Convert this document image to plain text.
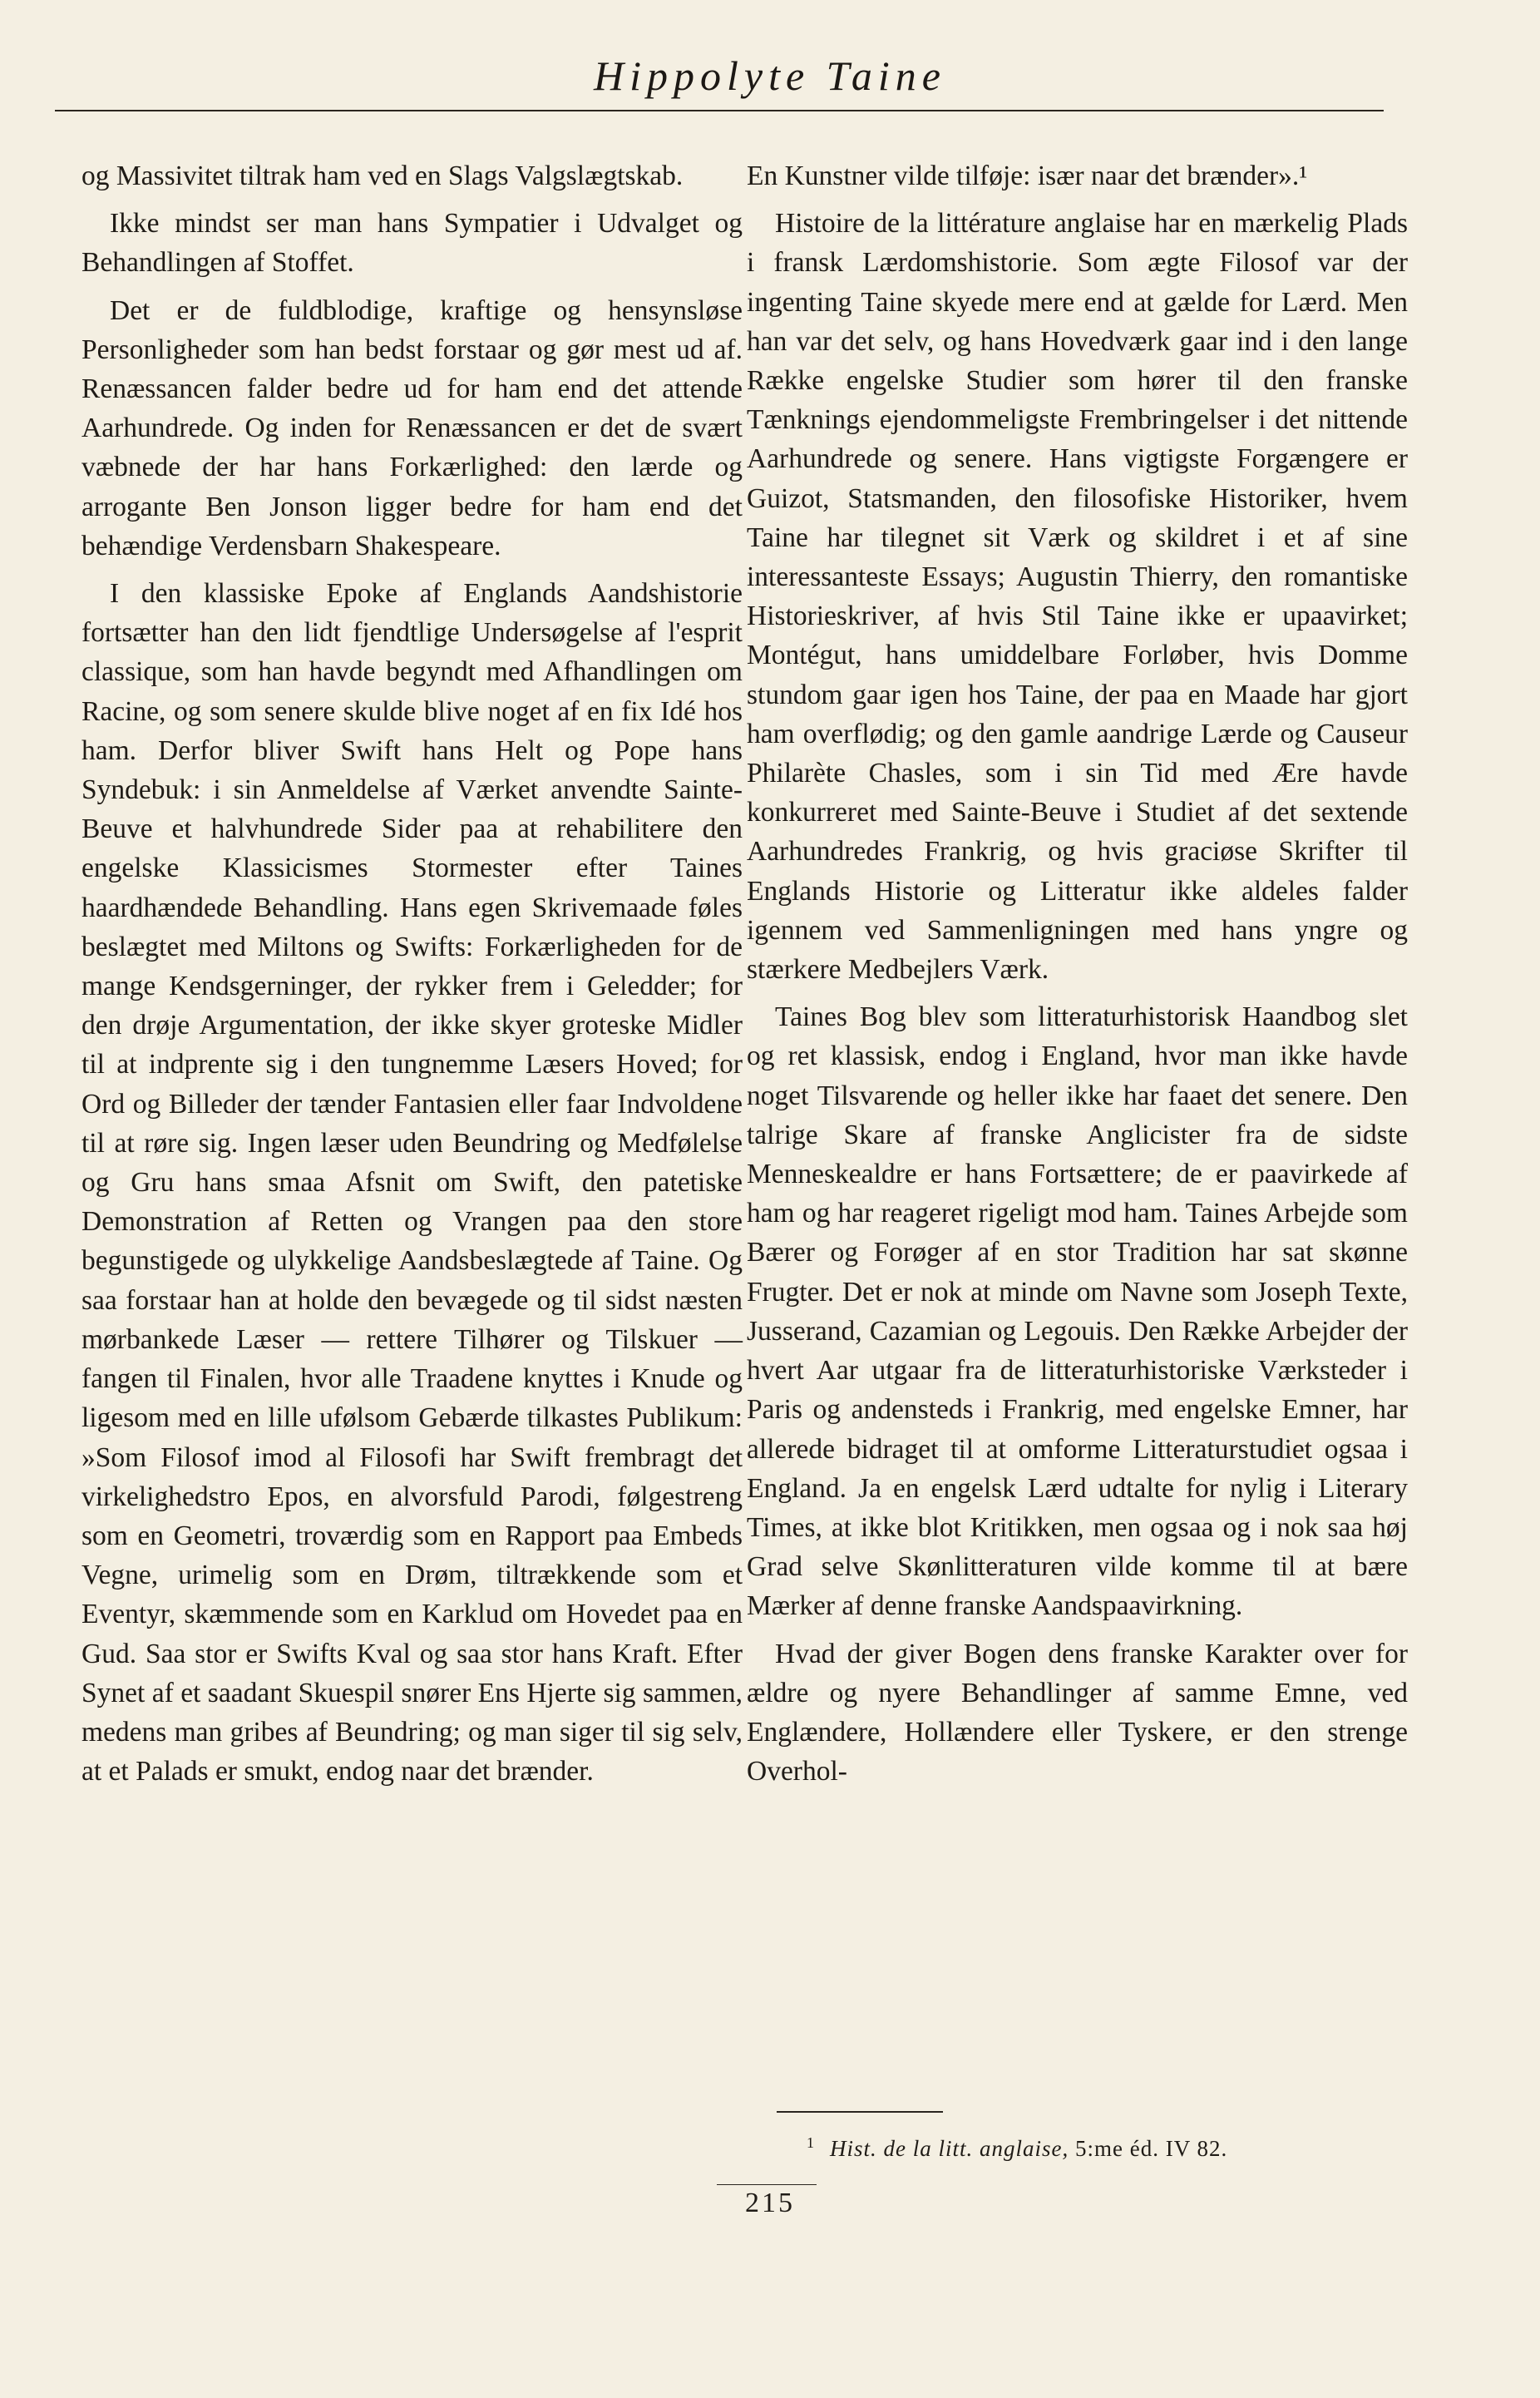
Hippolyte Taine

og Massivitet tiltrak ham ved en Slags Valgslægtskab.

Ikke mindst ser man hans Sympatier i Udvalget og Behandlingen af Stoffet.

Det er de fuldblodige, kraftige og hensynsløse Personligheder som han bedst forstaar og gør mest ud af. Renæssancen falder bedre ud for ham end det attende Aarhundrede. Og inden for Renæssancen er det de svært væbnede der har hans Forkærlighed: den lærde og arrogante Ben Jonson ligger bedre for ham end det behændige Verdensbarn Shakespeare.

I den klassiske Epoke af Englands Aandshistorie fortsætter han den lidt fjendtlige Undersøgelse af l'esprit classique, som han havde begyndt med Afhandlingen om Racine, og som senere skulde blive noget af en fix Idé hos ham. Derfor bliver Swift hans Helt og Pope hans Syndebuk: i sin Anmeldelse af Værket anvendte Sainte-Beuve et halvhundrede Sider paa at rehabilitere den engelske Klassicismes Stormester efter Taines haardhændede Behandling. Hans egen Skrivemaade føles beslægtet med Miltons og Swifts: Forkærligheden for de mange Kendsgerninger, der rykker frem i Geledder; for den drøje Argumentation, der ikke skyer groteske Midler til at indprente sig i den tungnemme Læsers Hoved; for Ord og Billeder der tænder Fantasien eller faar Indvoldene til at røre sig. Ingen læser uden Beundring og Medfølelse og Gru hans smaa Afsnit om Swift, den patetiske Demonstration af Retten og Vrangen paa den store begunstigede og ulykkelige Aandsbeslægtede af Taine. Og saa forstaar han at holde den bevægede og til sidst næsten mørbankede Læser — rettere Tilhører og Tilskuer — fangen til Finalen, hvor alle Traadene knyttes i Knude og ligesom med en lille ufølsom Gebærde tilkastes Publikum: »Som Filosof imod al Filosofi har Swift frembragt det virkelighedstro Epos, en alvorsfuld Parodi, følgestreng som en Geometri, troværdig som en Rapport paa Embeds Vegne, urimelig som en Drøm, tiltrækkende som et Eventyr, skæmmende som en Karklud om Hovedet paa en Gud. Saa stor er Swifts Kval og saa stor hans Kraft. Efter Synet af et saadant Skuespil snører Ens Hjerte sig sammen, medens man gribes af Beundring; og man siger til sig selv, at et Palads er smukt, endog naar det brænder.

En Kunstner vilde tilføje: især naar det brænder».¹

Histoire de la littérature anglaise har en mærkelig Plads i fransk Lærdomshistorie. Som ægte Filosof var der ingenting Taine skyede mere end at gælde for Lærd. Men han var det selv, og hans Hovedværk gaar ind i den lange Række engelske Studier som hører til den franske Tænknings ejendommeligste Frembringelser i det nittende Aarhundrede og senere. Hans vigtigste Forgængere er Guizot, Statsmanden, den filosofiske Historiker, hvem Taine har tilegnet sit Værk og skildret i et af sine interessanteste Essays; Augustin Thierry, den romantiske Historieskriver, af hvis Stil Taine ikke er upaavirket; Montégut, hans umiddelbare Forløber, hvis Domme stundom gaar igen hos Taine, der paa en Maade har gjort ham overflødig; og den gamle aandrige Lærde og Causeur Philarète Chasles, som i sin Tid med Ære havde konkurreret med Sainte-Beuve i Studiet af det sextende Aarhundredes Frankrig, og hvis graciøse Skrifter til Englands Historie og Litteratur ikke aldeles falder igennem ved Sammenligningen med hans yngre og stærkere Medbejlers Værk.

Taines Bog blev som litteraturhistorisk Haandbog slet og ret klassisk, endog i England, hvor man ikke havde noget Tilsvarende og heller ikke har faaet det senere. Den talrige Skare af franske Anglicister fra de sidste Menneskealdre er hans Fortsættere; de er paavirkede af ham og har reageret rigeligt mod ham. Taines Arbejde som Bærer og Forøger af en stor Tradition har sat skønne Frugter. Det er nok at minde om Navne som Joseph Texte, Jusserand, Cazamian og Legouis. Den Række Arbejder der hvert Aar utgaar fra de litteraturhistoriske Værksteder i Paris og andensteds i Frankrig, med engelske Emner, har allerede bidraget til at omforme Litteraturstudiet ogsaa i England. Ja en engelsk Lærd udtalte for nylig i Literary Times, at ikke blot Kritikken, men ogsaa og i nok saa høj Grad selve Skønlitteraturen vilde komme til at bære Mærker af denne franske Aandspaavirkning.

Hvad der giver Bogen dens franske Karakter over for ældre og nyere Behandlinger af samme Emne, ved Englændere, Hollændere eller Tyskere, er den strenge Overhol-

$^1$ Hist. de la litt. anglaise, 5:me éd. IV 82.
215
